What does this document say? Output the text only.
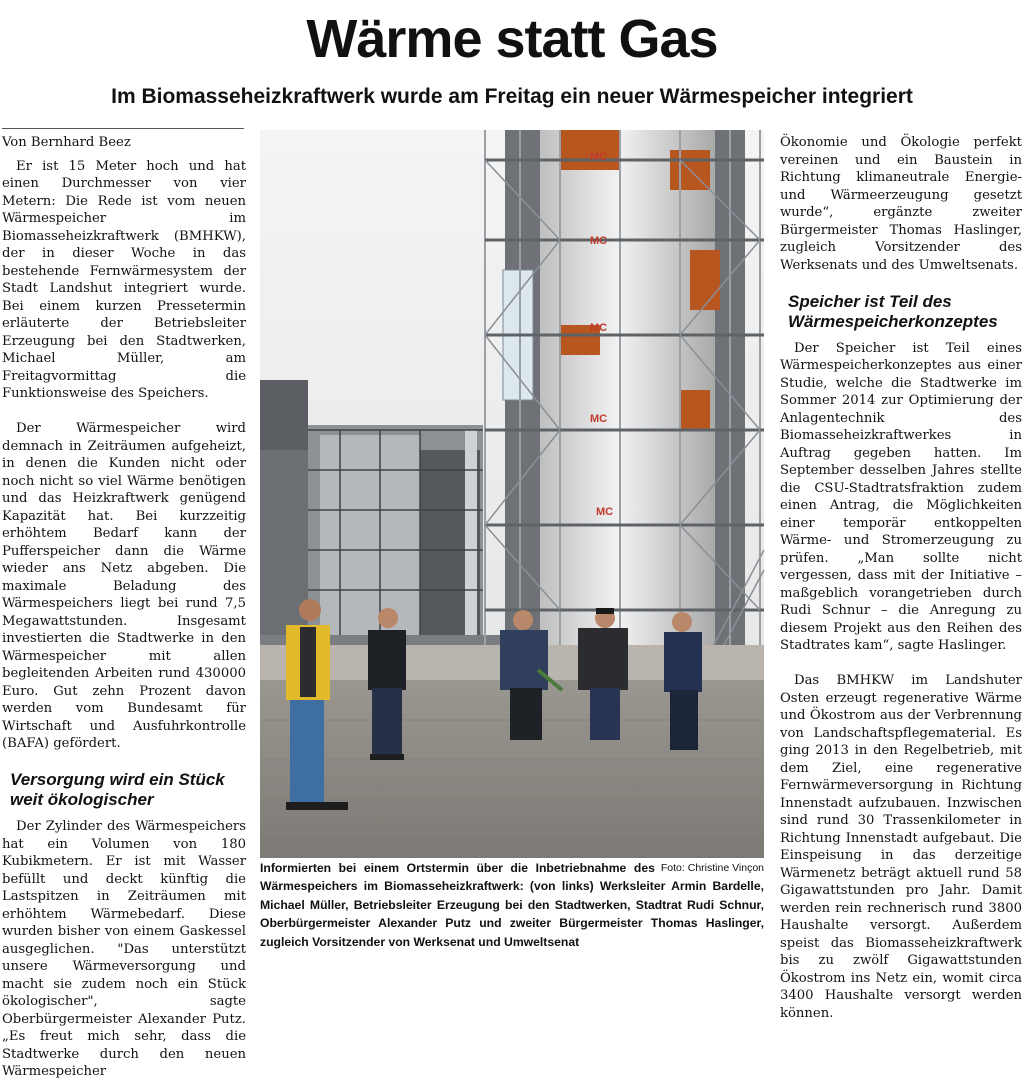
Wärme statt Gas
Im Biomasseheizkraftwerk wurde am Freitag ein neuer Wärmespeicher integriert
Von Bernhard Beez

Er ist 15 Meter hoch und hat einen Durchmesser von vier Metern: Die Rede ist vom neuen Wärmespeicher im Biomasseheizkraftwerk (BMHKW), der in dieser Woche in das bestehende Fernwärmesystem der Stadt Landshut integriert wurde. Bei einem kurzen Pressetermin erläuterte der Betriebsleiter Erzeugung bei den Stadtwerken, Michael Müller, am Freitagvormittag die Funktionsweise des Speichers.

Der Wärmespeicher wird demnach in Zeiträumen aufgeheizt, in denen die Kunden nicht oder noch nicht so viel Wärme benötigen und das Heizkraftwerk genügend Kapazität hat. Bei kurzzeitig erhöhtem Bedarf kann der Pufferspeicher dann die Wärme wieder ans Netz abgeben. Die maximale Beladung des Wärmespeichers liegt bei rund 7,5 Megawattstunden. Insgesamt investierten die Stadtwerke in den Wärmespeicher mit allen begleitenden Arbeiten rund 430000 Euro. Gut zehn Prozent davon werden vom Bundesamt für Wirtschaft und Ausfuhrkontrolle (BAFA) gefördert.

Versorgung wird ein Stück weit ökologischer

Der Zylinder des Wärmespeichers hat ein Volumen von 180 Kubikmetern. Er ist mit Wasser befüllt und deckt künftig die Lastspitzen in Zeiträumen mit erhöhtem Wärmebedarf. Diese wurden bisher von einem Gaskessel ausgeglichen. "Das unterstützt unsere Wärmeversorgung und macht sie zudem noch ein Stück ökologischer", sagte Oberbürgermeister Alexander Putz. „Es freut mich sehr, dass die Stadtwerke durch den neuen Wärmespeicher

MC
MC
MC
MC
MC

Foto: Christine Vinçon
Informierten bei einem Ortstermin über die Inbetriebnahme des Wärmespeichers im Biomasseheizkraftwerk: (von links) Werksleiter Armin Bardelle, Michael Müller, Betriebsleiter Erzeugung bei den Stadtwerken, Stadtrat Rudi Schnur, Oberbürgermeister Alexander Putz und zweiter Bürgermeister Thomas Haslinger, zugleich Vorsitzender von Werksenat und Umweltsenat

Ökonomie und Ökologie perfekt vereinen und ein Baustein in Richtung klimaneutrale Energie- und Wärmeerzeugung gesetzt wurde“, ergänzte zweiter Bürgermeister Thomas Haslinger, zugleich Vorsitzender des Werksenats und des Umweltsenats.

Speicher ist Teil des Wärmespeicherkonzeptes

Der Speicher ist Teil eines Wärmespeicherkonzeptes aus einer Studie, welche die Stadtwerke im Sommer 2014 zur Optimierung der Anlagentechnik des Biomasseheizkraftwerkes in Auftrag gegeben hatten. Im September desselben Jahres stellte die CSU-Stadtratsfraktion zudem einen Antrag, die Möglichkeiten einer temporär entkoppelten Wärme- und Stromerzeugung zu prüfen. „Man sollte nicht vergessen, dass mit der Initiative – maßgeblich vorangetrieben durch Rudi Schnur – die Anregung zu diesem Projekt aus den Reihen des Stadtrates kam“, sagte Haslinger.

Das BMHKW im Landshuter Osten erzeugt regenerative Wärme und Ökostrom aus der Verbrennung von Landschaftspflegematerial. Es ging 2013 in den Regelbetrieb, mit dem Ziel, eine regenerative Fernwärmeversorgung in Richtung Innenstadt aufzubauen. Inzwischen sind rund 30 Trassenkilometer in Richtung Innenstadt aufgebaut. Die Einspeisung in das derzeitige Wärmenetz beträgt aktuell rund 58 Gigawattstunden pro Jahr. Damit werden rein rechnerisch rund 3800 Haushalte versorgt. Außerdem speist das Biomasseheizkraftwerk bis zu zwölf Gigawattstunden Ökostrom ins Netz ein, womit circa 3400 Haushalte versorgt werden können.
